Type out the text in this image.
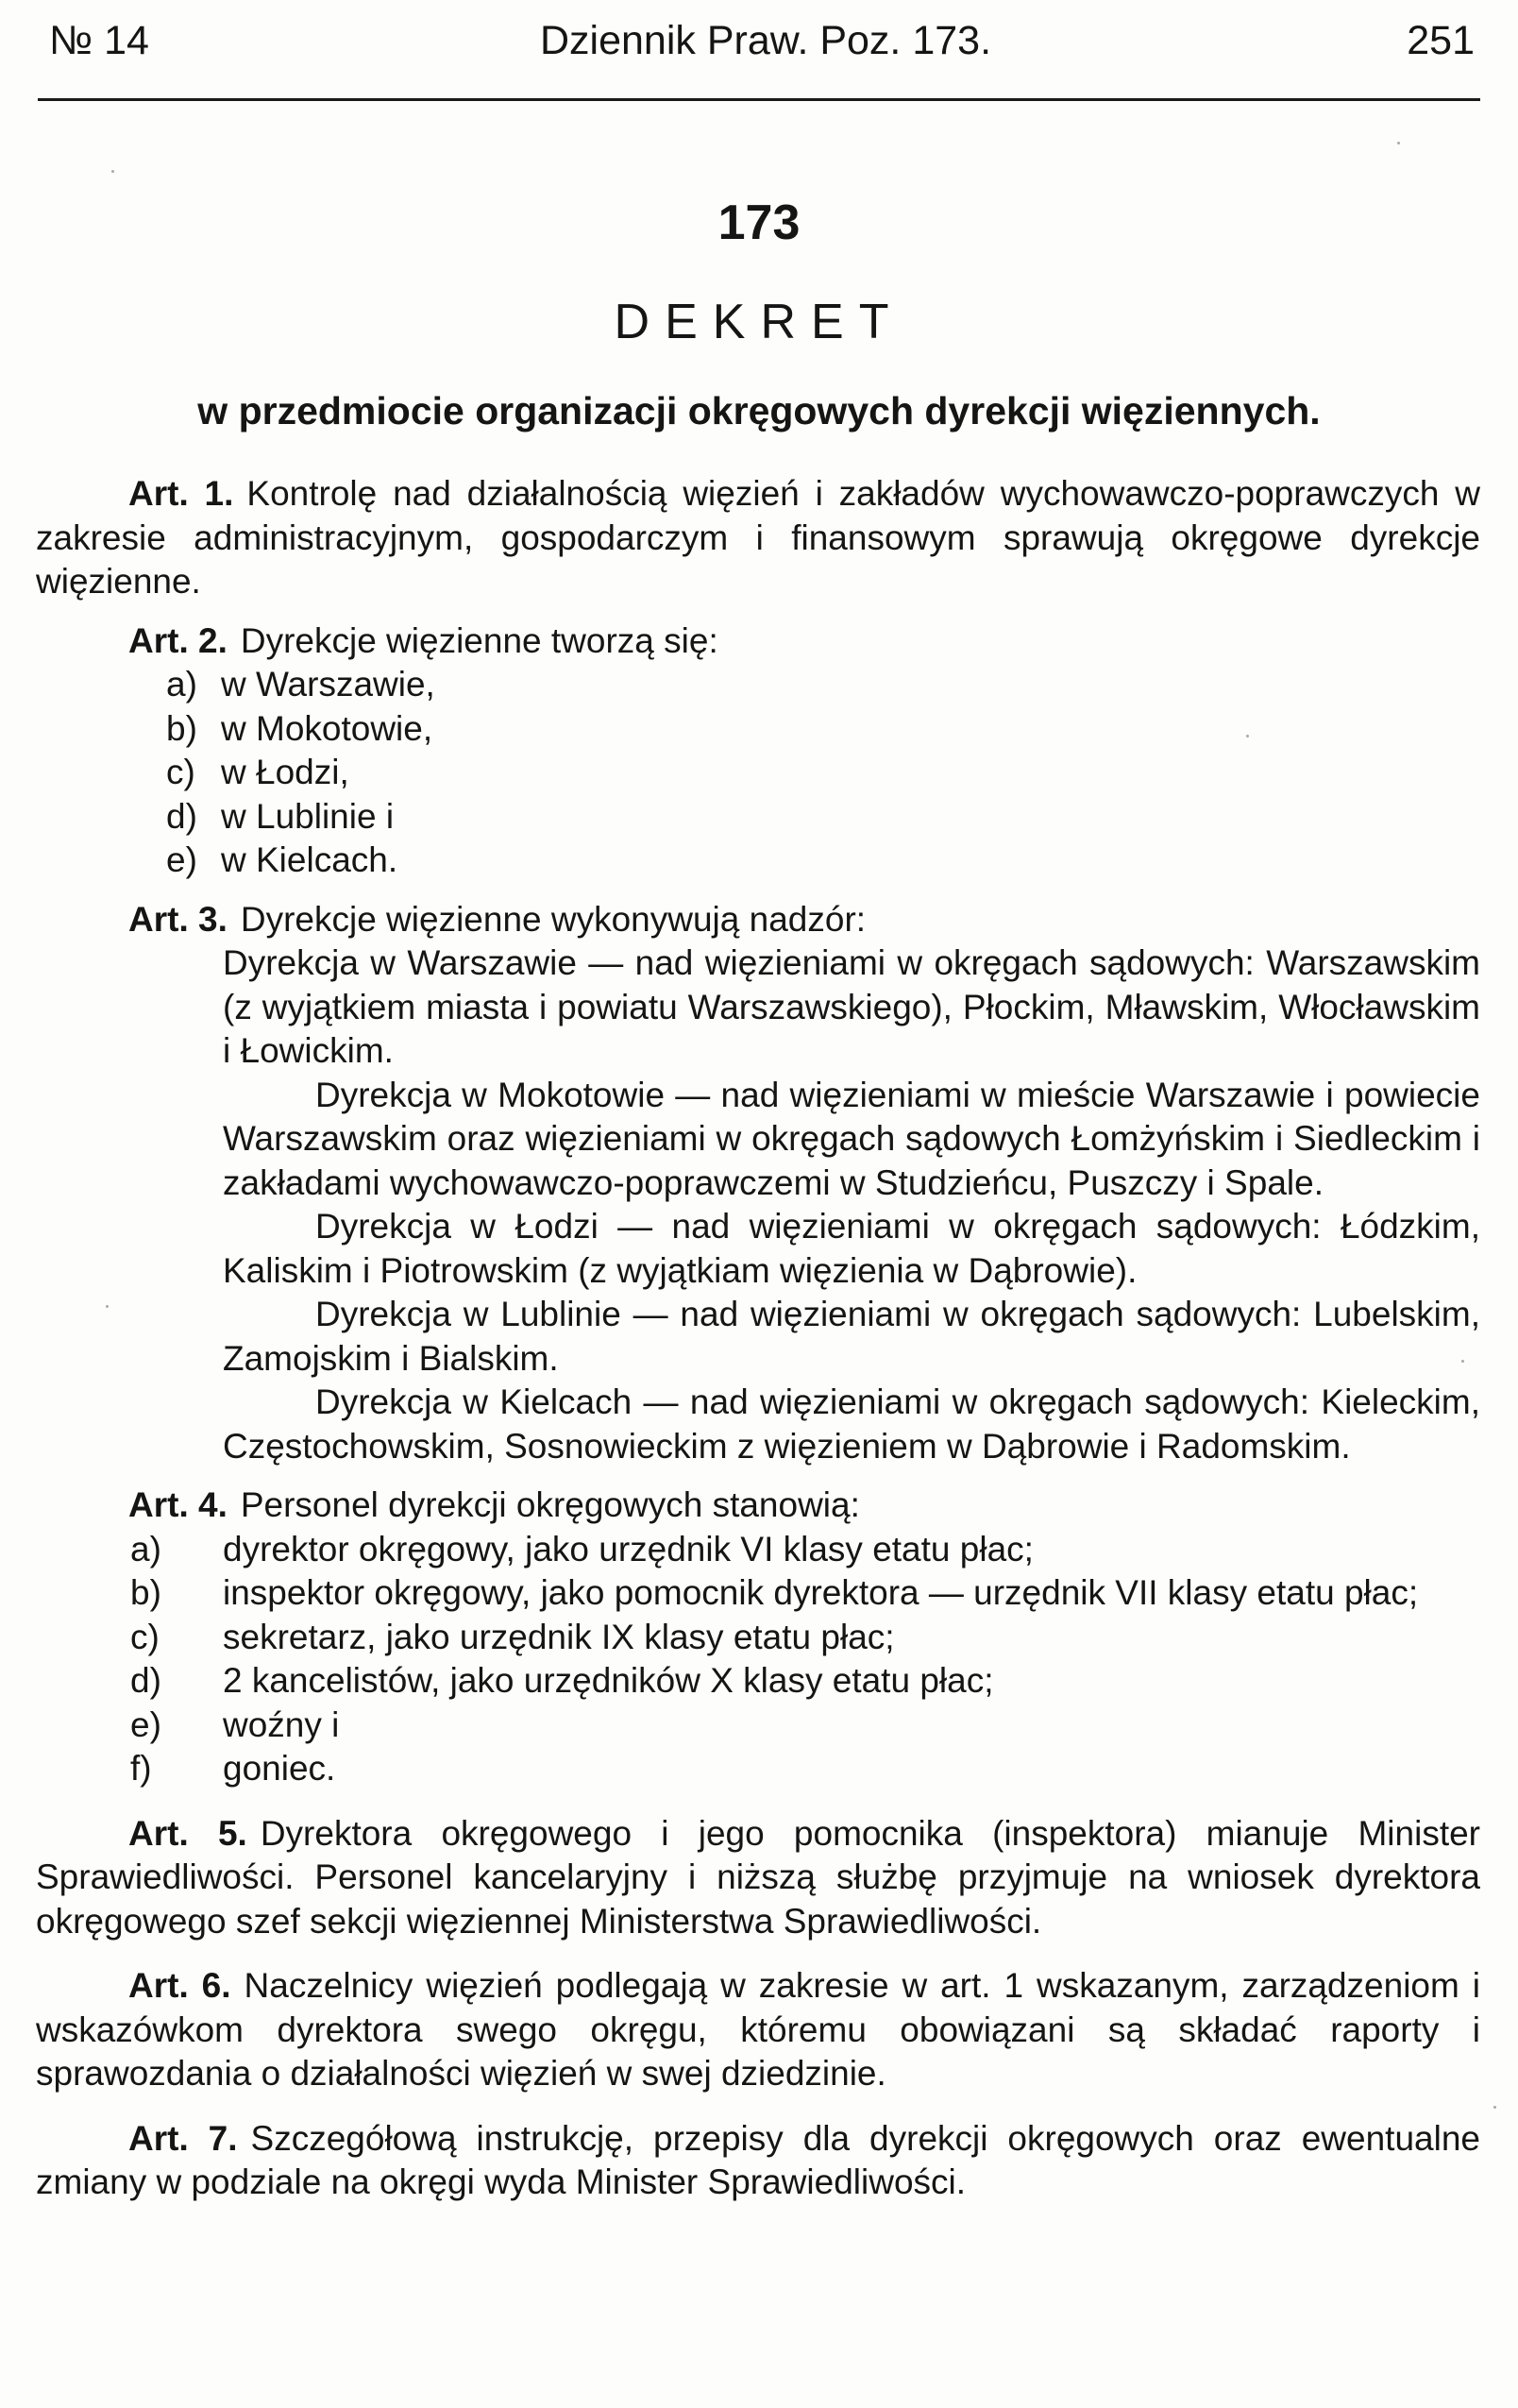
№ 14	Dziennik Praw. Poz. 173.	251
173
DEKRET
w przedmiocie organizacji okręgowych dyrekcji więziennych.

Art. 1. Kontrolę nad działalnością więzień i zakładów wychowawczo-poprawczych w zakresie administracyjnym, gospodarczym i finansowym sprawują okręgowe dyrekcje więzienne.

Art. 2. Dyrekcje więzienne tworzą się:

a) w Warszawie,
b) w Mokotowie,
c) w Łodzi,
d) w Lublinie i
e) w Kielcach.

Art. 3. Dyrekcje więzienne wykonywują nadzór:

Dyrekcja w Warszawie — nad więzieniami w okręgach sądowych: Warszawskim (z wyjątkiem miasta i powiatu Warszawskiego), Płockim, Mławskim, Włocławskim i Łowickim.

Dyrekcja w Mokotowie — nad więzieniami w mieście Warszawie i powiecie Warszawskim oraz więzieniami w okręgach sądowych Łomżyńskim i Siedleckim i zakładami wychowawczo-poprawczemi w Studzieńcu, Puszczy i Spale.

Dyrekcja w Łodzi — nad więzieniami w okręgach sądowych: Łódzkim, Kaliskim i Piotrowskim (z wyjątkiam więzienia w Dąbrowie).

Dyrekcja w Lublinie — nad więzieniami w okręgach sądowych: Lubelskim, Zamojskim i Bialskim.

Dyrekcja w Kielcach — nad więzieniami w okręgach sądowych: Kieleckim, Częstochowskim, Sosnowieckim z więzieniem w Dąbrowie i Radomskim.

Art. 4. Personel dyrekcji okręgowych stanowią:

a) dyrektor okręgowy, jako urzędnik VI klasy etatu płac;
b) inspektor okręgowy, jako pomocnik dyrektora — urzędnik VII klasy etatu płac;
c) sekretarz, jako urzędnik IX klasy etatu płac;
d) 2 kancelistów, jako urzędników X klasy etatu płac;
e) woźny i
f) goniec.

Art. 5. Dyrektora okręgowego i jego pomocnika (inspektora) mianuje Minister Sprawiedliwości. Personel kancelaryjny i niższą służbę przyjmuje na wniosek dyrektora okręgowego szef sekcji więziennej Ministerstwa Sprawiedliwości.

Art. 6. Naczelnicy więzień podlegają w zakresie w art. 1 wskazanym, zarządzeniom i wskazówkom dyrektora swego okręgu, któremu obowiązani są składać raporty i sprawozdania o działalności więzień w swej dziedzinie.

Art. 7. Szczegółową instrukcję, przepisy dla dyrekcji okręgowych oraz ewentualne zmiany w podziale na okręgi wyda Minister Sprawiedliwości.
